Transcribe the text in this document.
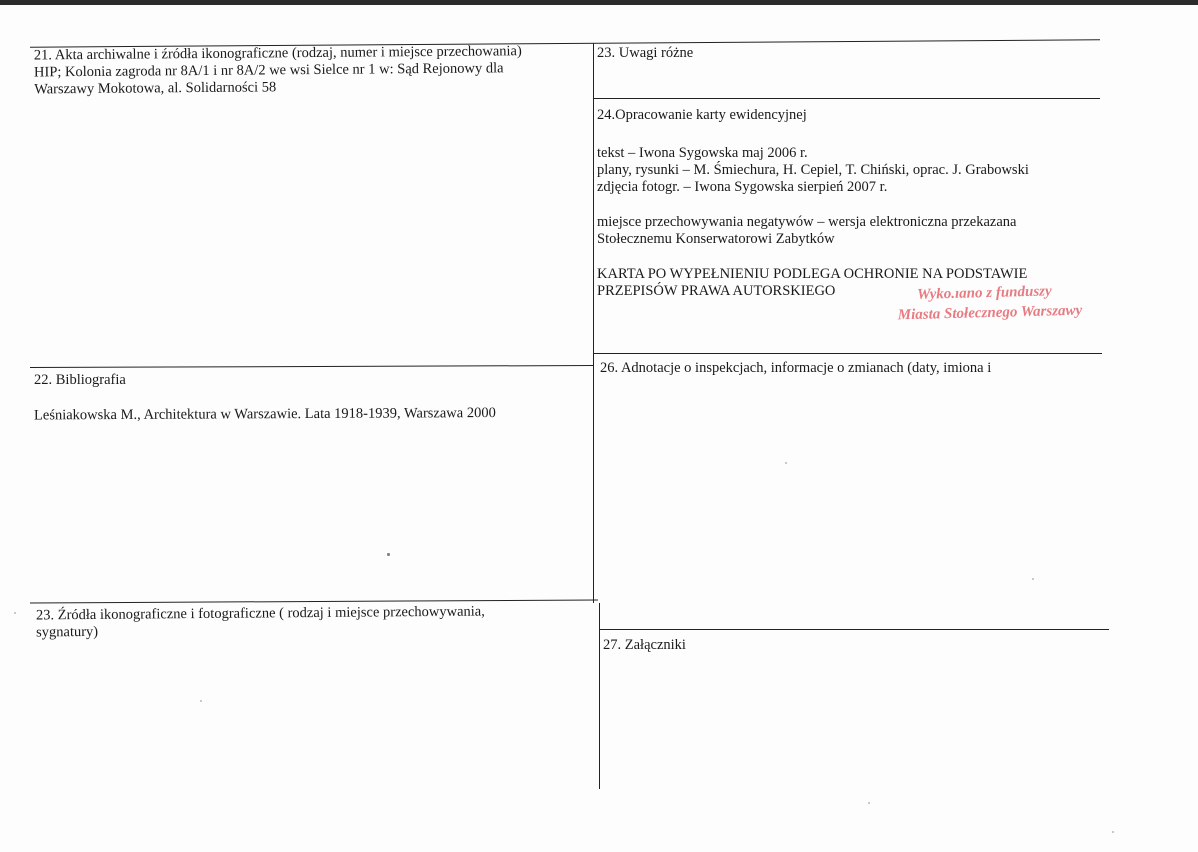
21. Akta archiwalne i źródła ikonograficzne (rodzaj, numer i miejsce przechowania)

HIP; Kolonia zagroda nr 8A/1 i nr 8A/2 we wsi Sielce nr 1 w: Sąd Rejonowy dla

Warszawy Mokotowa, al. Solidarności 58

22. Bibliografia

Leśniakowska M., Architektura w Warszawie. Lata 1918-1939, Warszawa 2000

23. Źródła ikonograficzne i fotograficzne ( rodzaj i miejsce przechowywania,

sygnatury)

23. Uwagi różne

24.Opracowanie karty ewidencyjnej

tekst – Iwona Sygowska maj 2006 r.

plany, rysunki – M. Śmiechura, H. Cepiel, T. Chiński, oprac. J. Grabowski

zdjęcia fotogr. – Iwona Sygowska sierpień 2007 r.

miejsce przechowywania negatywów – wersja elektroniczna przekazana

Stołecznemu Konserwatorowi Zabytków

KARTA PO WYPEŁNIENIU PODLEGA OCHRONIE NA PODSTAWIE

PRZEPISÓW PRAWA AUTORSKIEGO	Wyko.ıano z funduszy
Miasta Stołecznego Warszawy

26. Adnotacje o inspekcjach, informacje o zmianach (daty, imiona i

27. Załączniki
